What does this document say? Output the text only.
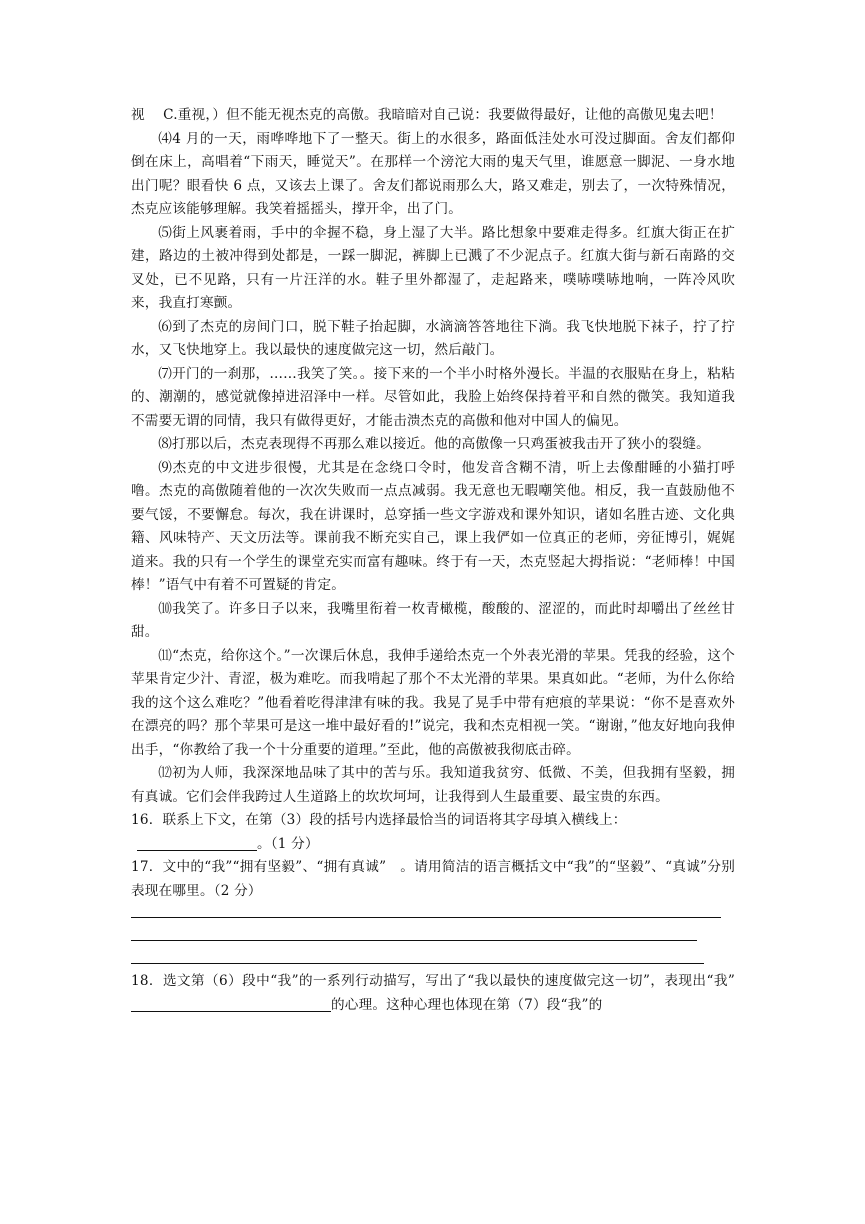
视　 C.重视，）但不能无视杰克的高傲。我暗暗对自己说：我要做得最好，让他的高傲见鬼去吧！

⑷4 月的一天，雨哗哗地下了一整天。街上的水很多，路面低洼处水可没过脚面。舍友们都仰倒在床上，高唱着“下雨天，睡觉天”。在那样一个滂沱大雨的鬼天气里，谁愿意一脚泥、一身水地出门呢？眼看快 6 点，又该去上课了。舍友们都说雨那么大，路又难走，别去了，一次特殊情况，杰克应该能够理解。我笑着摇摇头，撑开伞，出了门。

⑸街上风裹着雨，手中的伞握不稳，身上湿了大半。路比想象中要难走得多。红旗大街正在扩建，路边的土被冲得到处都是，一踩一脚泥，裤脚上已溅了不少泥点子。红旗大街与新石南路的交叉处，已不见路，只有一片汪洋的水。鞋子里外都湿了，走起路来，噗哧噗哧地响，一阵冷风吹来，我直打寒颤。

⑹到了杰克的房间门口，脱下鞋子抬起脚，水滴滴答答地往下淌。我飞快地脱下袜子，拧了拧水，又飞快地穿上。我以最快的速度做完这一切，然后敲门。

⑺开门的一刹那，……我笑了笑。。接下来的一个半小时格外漫长。半温的衣服贴在身上，粘粘的、潮潮的，感觉就像掉进沼泽中一样。尽管如此，我脸上始终保持着平和自然的微笑。我知道我不需要无谓的同情，我只有做得更好，才能击溃杰克的高傲和他对中国人的偏见。

⑻打那以后，杰克表现得不再那么难以接近。他的高傲像一只鸡蛋被我击开了狭小的裂缝。

⑼杰克的中文进步很慢，尤其是在念绕口令时，他发音含糊不清，听上去像酣睡的小猫打呼噜。杰克的高傲随着他的一次次失败而一点点减弱。我无意也无暇嘲笑他。相反，我一直鼓励他不要气馁，不要懈怠。每次，我在讲课时，总穿插一些文字游戏和课外知识，诸如名胜古迹、文化典籍、风味特产、天文历法等。课前我不断充实自己，课上我俨如一位真正的老师，旁征博引，娓娓道来。我的只有一个学生的课堂充实而富有趣味。终于有一天，杰克竖起大拇指说：“老师棒！中国棒！”语气中有着不可置疑的肯定。

⑽我笑了。许多日子以来，我嘴里衔着一枚青橄榄，酸酸的、涩涩的，而此时却嚼出了丝丝甘甜。

⑾“杰克，给你这个。”一次课后休息，我伸手递给杰克一个外表光滑的苹果。凭我的经验，这个苹果肯定少汁、青涩，极为难吃。而我啃起了那个不太光滑的苹果。果真如此。“老师，为什么你给我的这个这么难吃？”他看着吃得津津有味的我。我晃了晃手中带有疤痕的苹果说：“你不是喜欢外在漂亮的吗？那个苹果可是这一堆中最好看的!”说完，我和杰克相视一笑。“谢谢，”他友好地向我伸出手，“你教给了我一个十分重要的道理。”至此，他的高傲被我彻底击碎。

⑿初为人师，我深深地品味了其中的苦与乐。我知道我贫穷、低微、不美，但我拥有坚毅，拥有真诚。它们会伴我跨过人生道路上的坎坎坷坷，让我得到人生最重要、最宝贵的东西。

16．联系上下文，在第（3）段的括号内选择最恰当的词语将其字母填入横线上：
。（1 分）
17．文中的“我”“拥有坚毅”、“拥有真诚”　。请用简洁的语言概括文中“我”的“坚毅”、“真诚”分别表现在哪里。（2 分）
18．选文第（6）段中“我”的一系列行动描写，写出了“我以最快的速度做完这一切”，表现出“我”的心理。这种心理也体现在第（7）段“我”的
